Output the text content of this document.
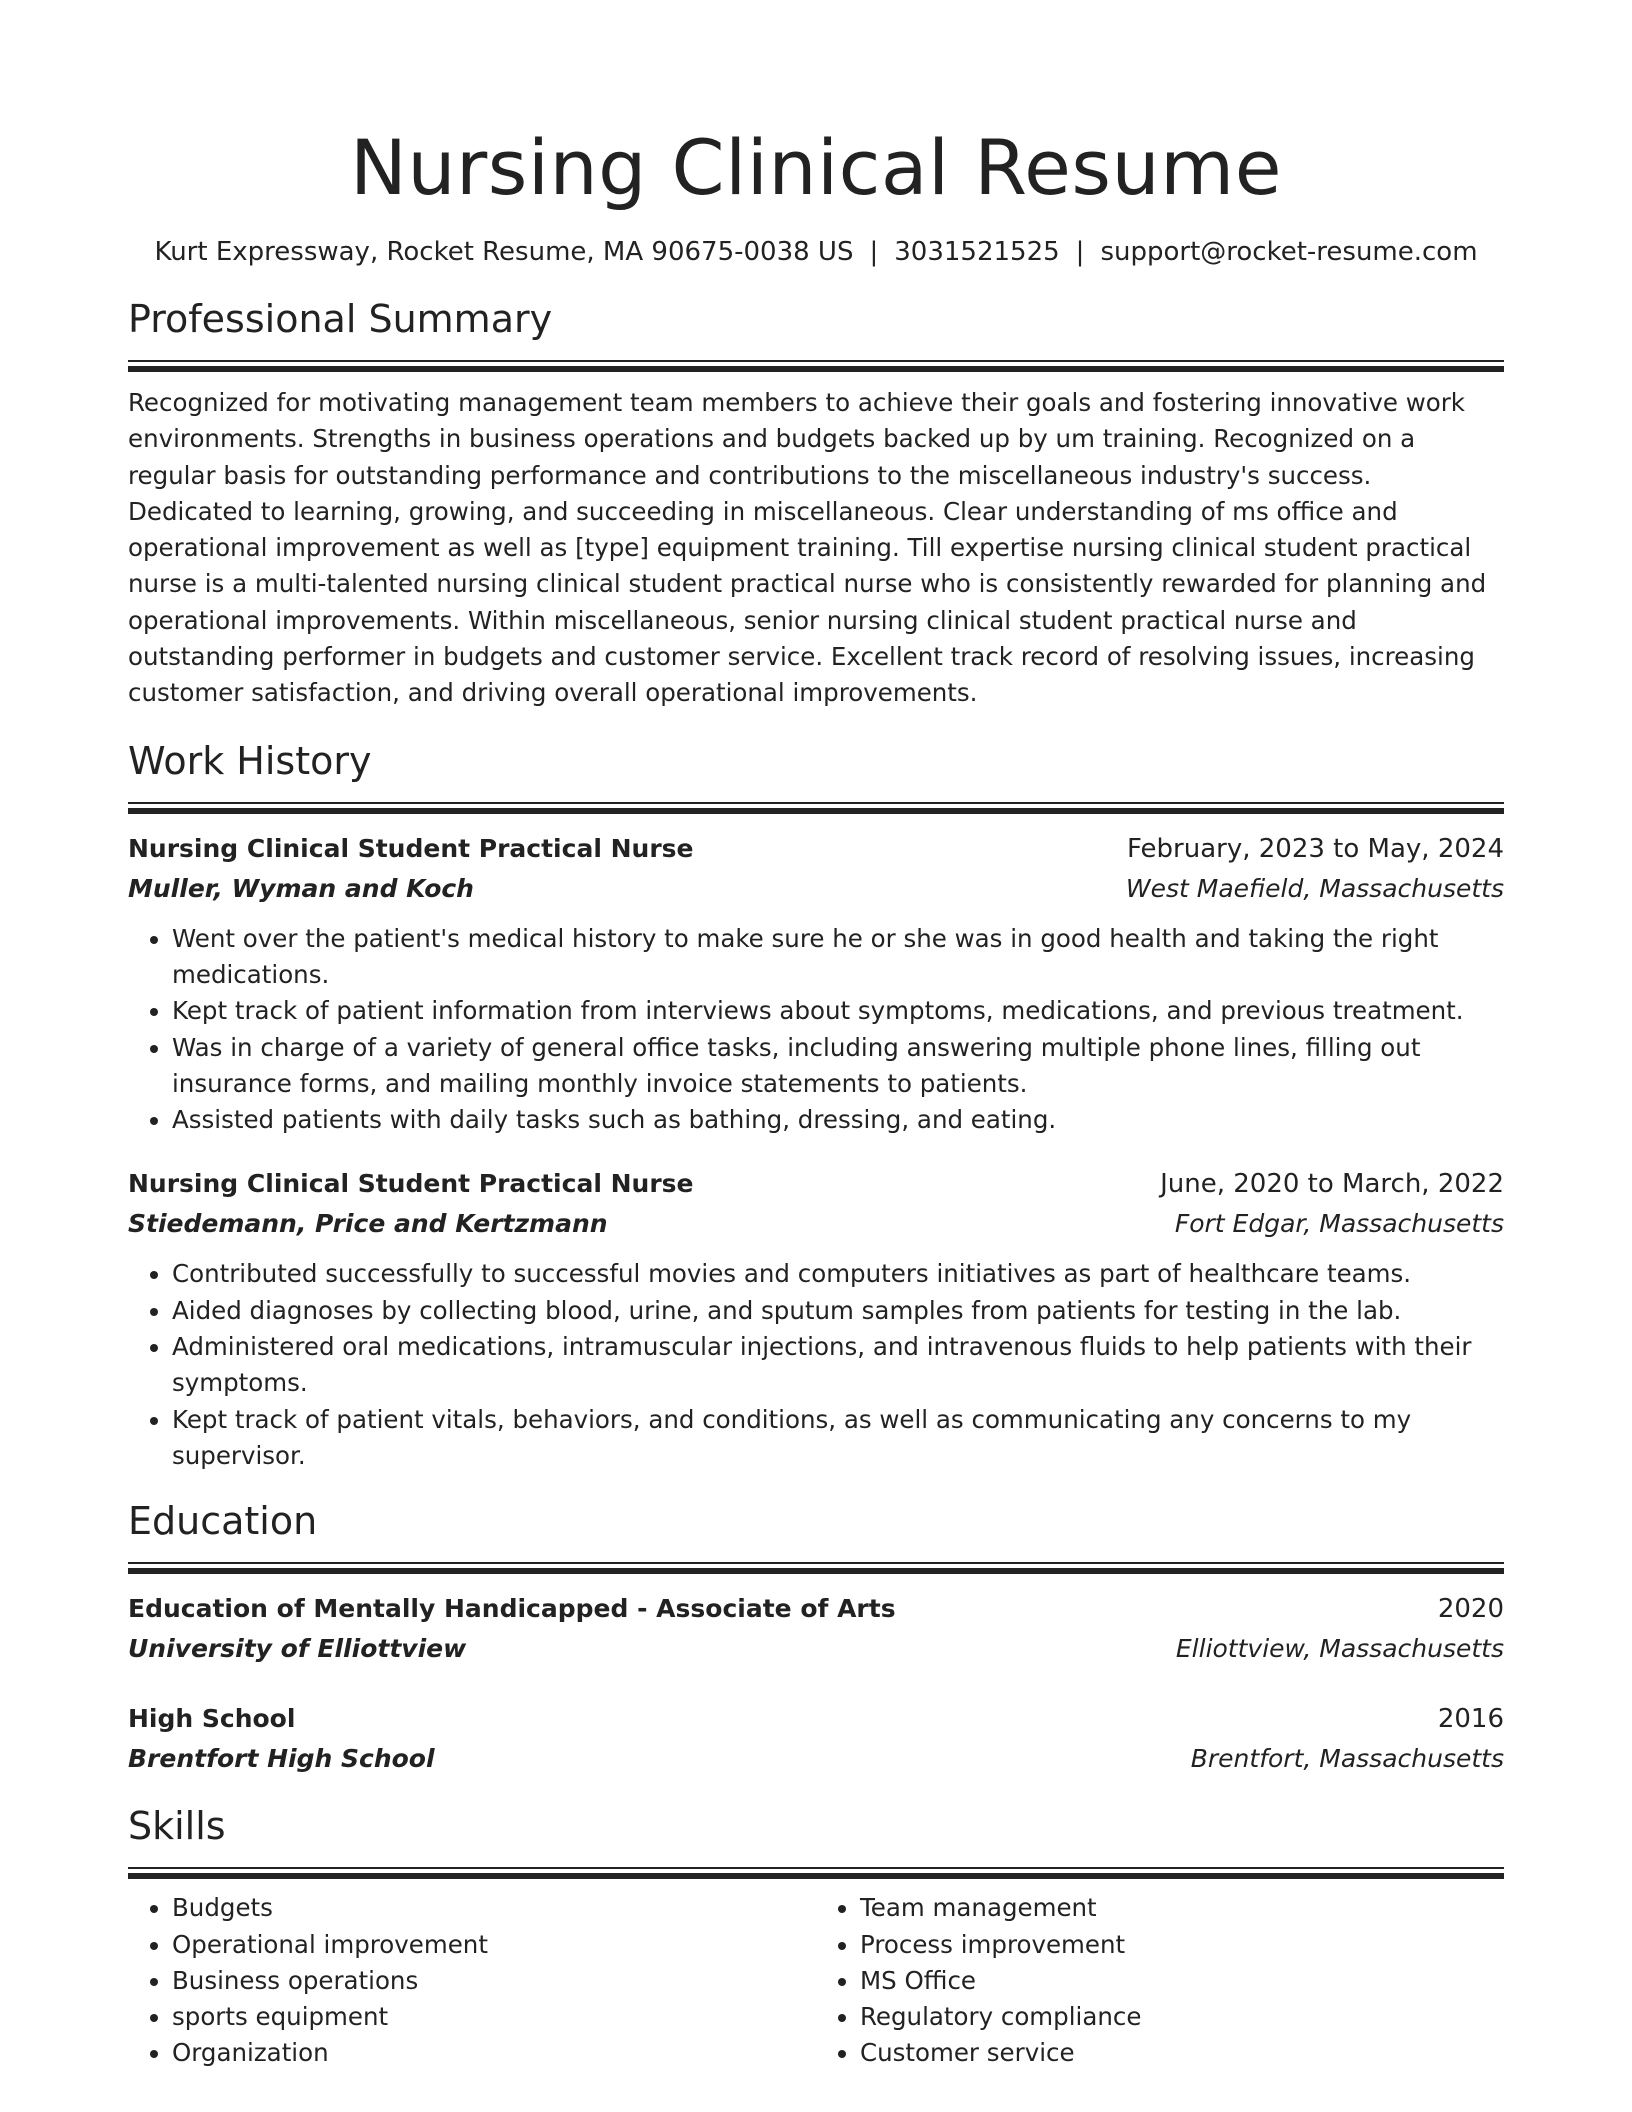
Nursing Clinical Resume
Kurt Expressway, Rocket Resume, MA 90675-0038 US | 3031521525 | support@rocket-resume.com
Professional Summary
Recognized for motivating management team members to achieve their goals and fostering innovative work environments. Strengths in business operations and budgets backed up by um training. Recognized on a regular basis for outstanding performance and contributions to the miscellaneous industry's success. Dedicated to learning, growing, and succeeding in miscellaneous. Clear understanding of ms office and operational improvement as well as [type] equipment training. Till expertise nursing clinical student practical nurse is a multi-talented nursing clinical student practical nurse who is consistently rewarded for planning and operational improvements. Within miscellaneous, senior nursing clinical student practical nurse and outstanding performer in budgets and customer service. Excellent track record of resolving issues, increasing customer satisfaction, and driving overall operational improvements.
Work History
Nursing Clinical Student Practical Nurse	February, 2023 to May, 2024
Muller, Wyman and Koch	West Maefield, Massachusetts
• Went over the patient's medical history to make sure he or she was in good health and taking the right medications.
• Kept track of patient information from interviews about symptoms, medications, and previous treatment.
• Was in charge of a variety of general office tasks, including answering multiple phone lines, filling out insurance forms, and mailing monthly invoice statements to patients.
• Assisted patients with daily tasks such as bathing, dressing, and eating.
Nursing Clinical Student Practical Nurse	June, 2020 to March, 2022
Stiedemann, Price and Kertzmann	Fort Edgar, Massachusetts
• Contributed successfully to successful movies and computers initiatives as part of healthcare teams.
• Aided diagnoses by collecting blood, urine, and sputum samples from patients for testing in the lab.
• Administered oral medications, intramuscular injections, and intravenous fluids to help patients with their symptoms.
• Kept track of patient vitals, behaviors, and conditions, as well as communicating any concerns to my supervisor.
Education
Education of Mentally Handicapped - Associate of Arts	2020
University of Elliottview	Elliottview, Massachusetts
High School	2016
Brentfort High School	Brentfort, Massachusetts
Skills
• Budgets
• Operational improvement
• Business operations
• sports equipment
• Organization
• Team management
• Process improvement
• MS Office
• Regulatory compliance
• Customer service
